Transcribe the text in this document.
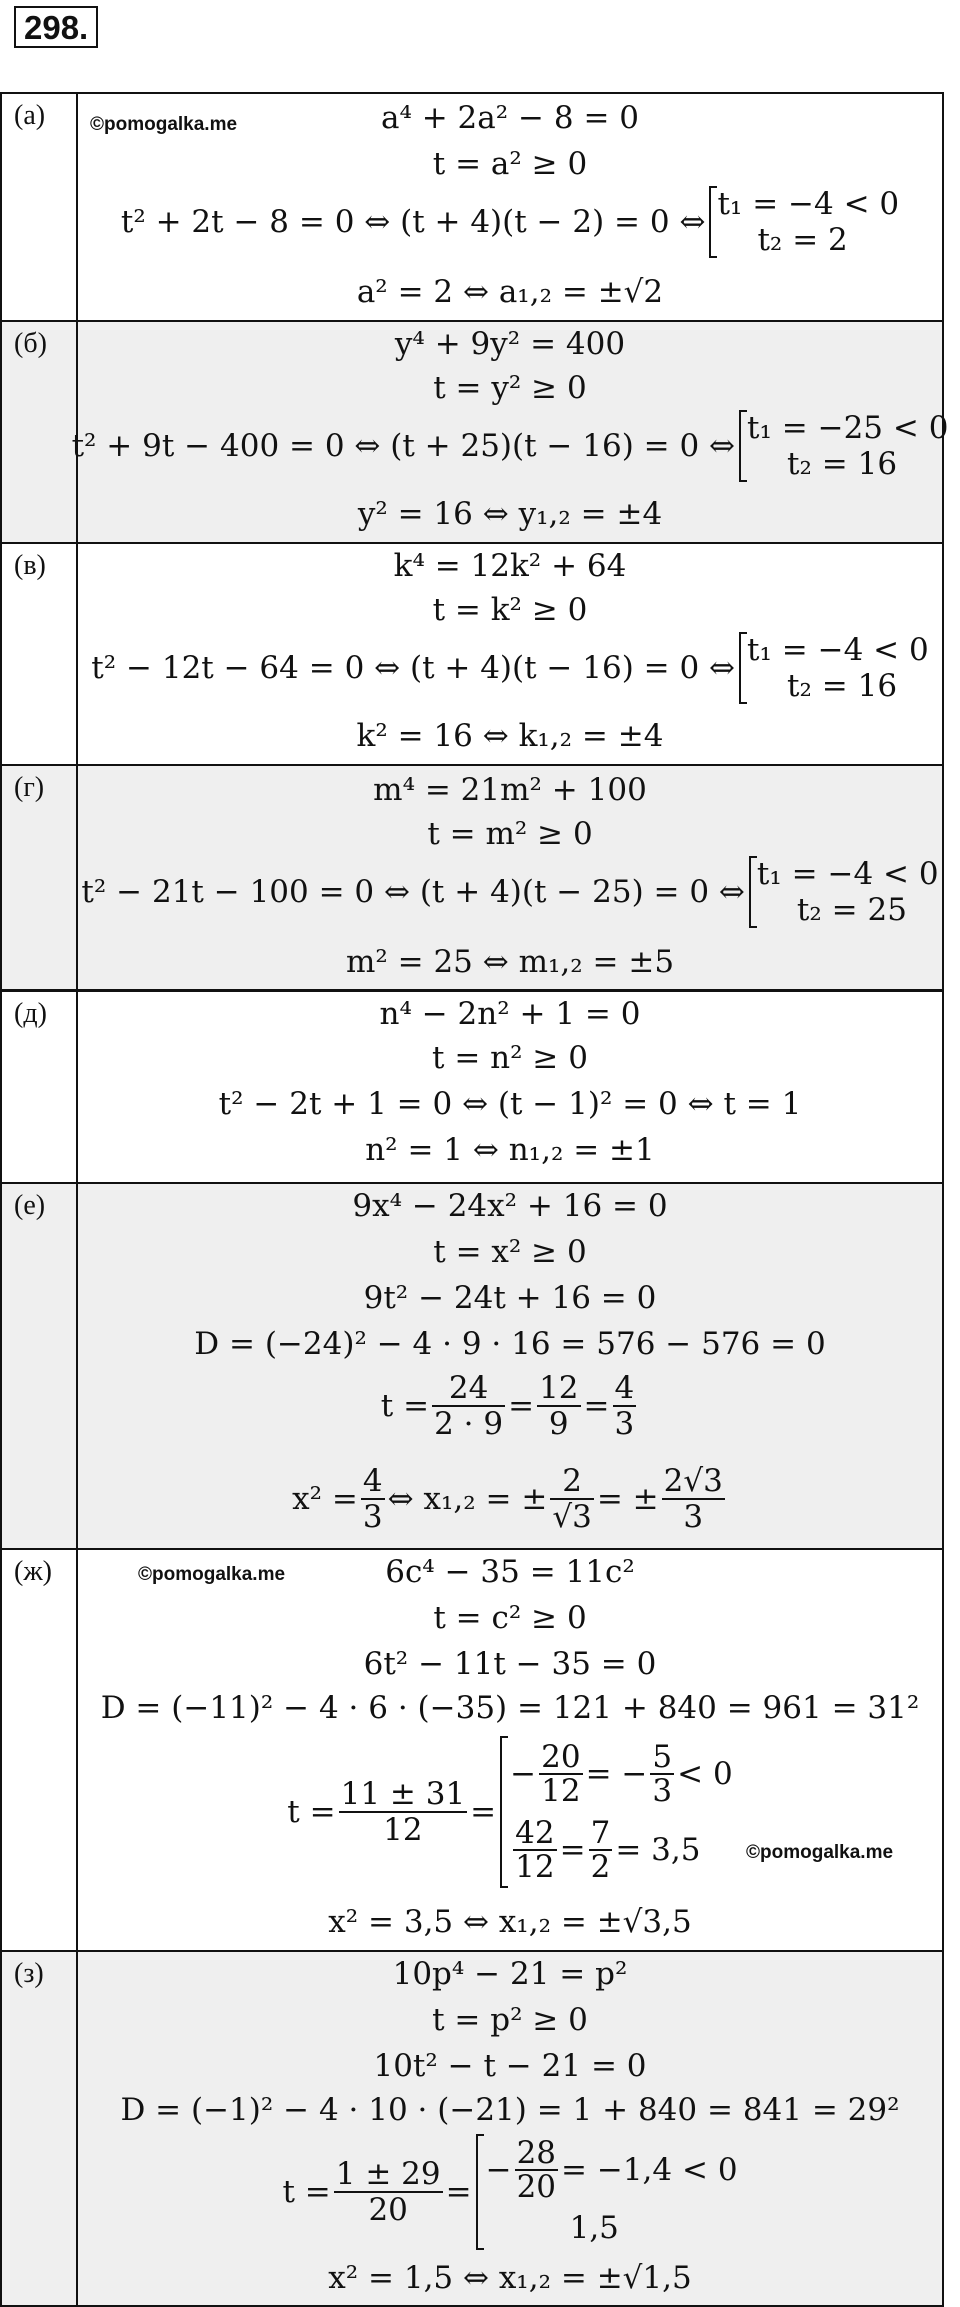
298.
(а) ©pomogalka.me	a⁴ + 2a² − 8 = 0
t = a² ≥ 0
t² + 2t − 8 = 0 ⇔ (t + 4)(t − 2) = 0 ⇔ t₁ = −4 < 0
t₂ = 2
a² = 2 ⇔ a₁,₂ = ±√2
(б)	y⁴ + 9y² = 400
t = y² ≥ 0
t² + 9t − 400 = 0 ⇔ (t + 25)(t − 16) = 0 ⇔ t₁ = −25 < 0
t₂ = 16
y² = 16 ⇔ y₁,₂ = ±4
(в)	k⁴ = 12k² + 64
t = k² ≥ 0
t² − 12t − 64 = 0 ⇔ (t + 4)(t − 16) = 0 ⇔ t₁ = −4 < 0
t₂ = 16
k² = 16 ⇔ k₁,₂ = ±4
(г)	m⁴ = 21m² + 100
t = m² ≥ 0
t² − 21t − 100 = 0 ⇔ (t + 4)(t − 25) = 0 ⇔ t₁ = −4 < 0
t₂ = 25
m² = 25 ⇔ m₁,₂ = ±5
(д)	n⁴ − 2n² + 1 = 0
t = n² ≥ 0
t² − 2t + 1 = 0 ⇔ (t − 1)² = 0 ⇔ t = 1
n² = 1 ⇔ n₁,₂ = ±1
(е)	9x⁴ − 24x² + 16 = 0
t = x² ≥ 0
9t² − 24t + 16 = 0
D = (−24)² − 4 · 9 · 16 = 576 − 576 = 0
$t = \frac{24}{2 \cdot 9} = \frac{12}{9} = \frac{4}{3}$
$x^2 = \frac{4}{3}$ ⇔ x₁,₂ = ± $\frac{2}{√3}$ = ± $\frac{2√3}{3}$
(ж)	©pomogalka.me	6c⁴ − 35 = 11c²
t = c² ≥ 0
6t² − 11t − 35 = 0
D = (−11)² − 4 · 6 · (−35) = 121 + 840 = 961 = 31²
$t = \frac{11 \pm 31}{12}$ =
− $\frac{20}{12}$ = − $\frac{5}{3} < 0$
$\frac{42}{12} = \frac{7}{2} = 3,5$ ©pomogalka.me
x² = 3,5 ⇔ x₁,₂ = ±√3,5
(з)	10p⁴ − 21 = p²
t = p² ≥ 0
10t² − t − 21 = 0
D = (−1)² − 4 · 10 · (−21) = 1 + 840 = 841 = 29²
$t = \frac{1 \pm 29}{20}$ =
− $\frac{28}{20} = -1,4 < 0$
1,5
x² = 1,5 ⇔ x₁,₂ = ±√1,5
